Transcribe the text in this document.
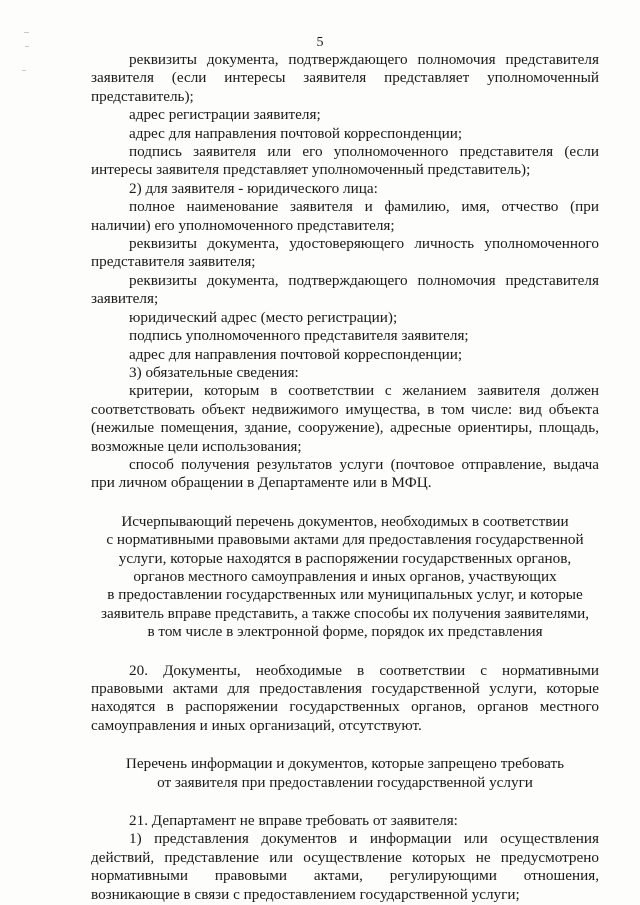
5

реквизиты документа, подтверждающего полномочия представителя заявителя (если интересы заявителя представляет уполномоченный представитель);

адрес регистрации заявителя;

адрес для направления почтовой корреспонденции;

подпись заявителя или его уполномоченного представителя (если интересы заявителя представляет уполномоченный представитель);

2) для заявителя - юридического лица:

полное наименование заявителя и фамилию, имя, отчество (при наличии) его уполномоченного представителя;

реквизиты документа, удостоверяющего личность уполномоченного представителя заявителя;

реквизиты документа, подтверждающего полномочия представителя заявителя;

юридический адрес (место регистрации);

подпись уполномоченного представителя заявителя;

адрес для направления почтовой корреспонденции;

3) обязательные сведения:

критерии, которым в соответствии с желанием заявителя должен соответствовать объект недвижимого имущества, в том числе: вид объекта (нежилые помещения, здание, сооружение), адресные ориентиры, площадь, возможные цели использования;

способ получения результатов услуги (почтовое отправление, выдача при личном обращении в Департаменте или в МФЦ.

Исчерпывающий перечень документов, необходимых в соответствии

с нормативными правовыми актами для предоставления государственной

услуги, которые находятся в распоряжении государственных органов,

органов местного самоуправления и иных органов, участвующих

в предоставлении государственных или муниципальных услуг, и которые

заявитель вправе представить, а также способы их получения заявителями,

в том числе в электронной форме, порядок их представления

20. Документы, необходимые в соответствии с нормативными правовыми актами для предоставления государственной услуги, которые находятся в распоряжении государственных органов, органов местного самоуправления и иных организаций, отсутствуют.

Перечень информации и документов, которые запрещено требовать

от заявителя при предоставлении государственной услуги

21. Департамент не вправе требовать от заявителя:

1) представления документов и информации или осуществления действий, представление или осуществление которых не предусмотрено нормативными правовыми актами, регулирующими отношения, возникающие в связи с предоставлением государственной услуги;
